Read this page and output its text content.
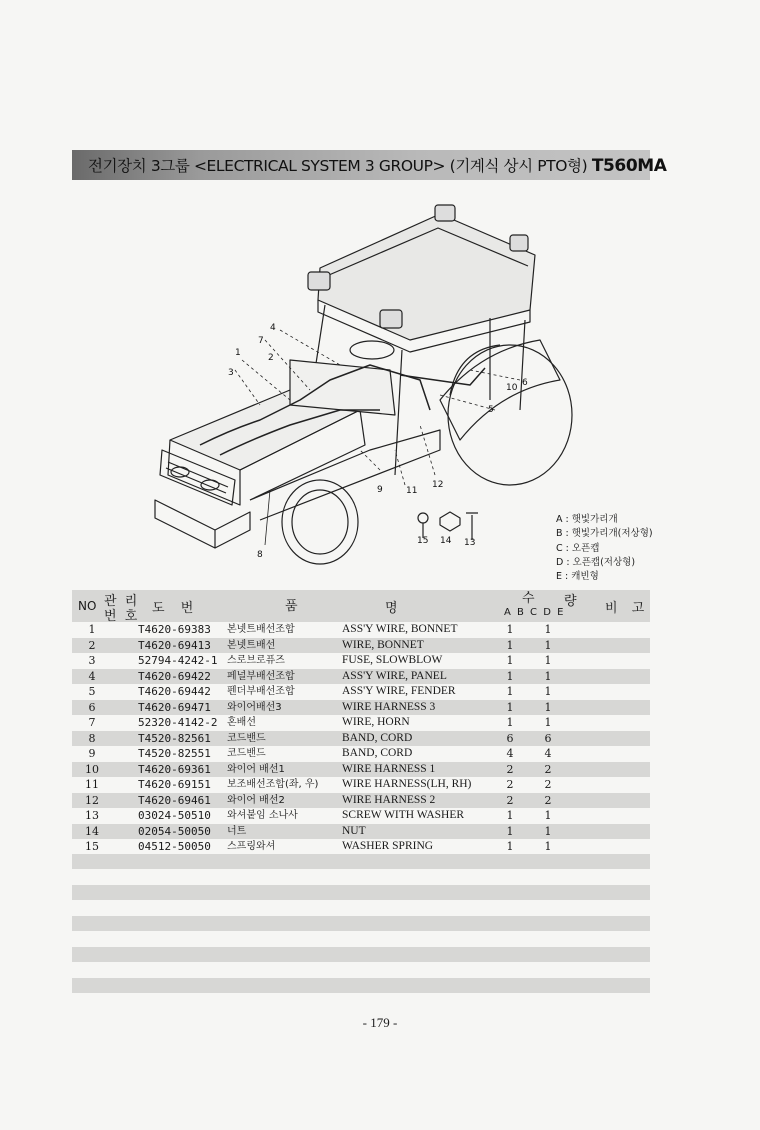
전기장치 3그룹 <ELECTRICAL SYSTEM 3 GROUP> (기계식 상시 PTO형) T560MA
1	2
3
4
5
6
7
8
9
10
11
12
13
14
15
A : 햇빛가리개
B : 햇빛가리개(저상형)
C : 오픈캡
D : 오픈캡(저상형)
E : 캐빈형
NO 관 리
번 호
도 번	품	명
수 량
A B C D E	비 고
1	T4620-69383 본넷트배선조합	ASS'Y WIRE, BONNET	1	1
2	T4620-69413 본넷트배선	WIRE, BONNET	1	1
3	52794-4242-1 스로브로퓨즈	FUSE, SLOWBLOW	1	1
4	T4620-69422 페널부배선조합	ASS'Y WIRE, PANEL	1	1
5	T4620-69442 펜더부배선조합	ASS'Y WIRE, FENDER	1	1
6	T4620-69471 와이어배선3	WIRE HARNESS 3	1	1
7	52320-4142-2 혼배선	WIRE, HORN	1	1
8	T4520-82561 코드밴드	BAND, CORD	6	6
9	T4520-82551 코드밴드	BAND, CORD	4	4
10	T4620-69361 와이어 배선1	WIRE HARNESS 1	2	2
11	T4620-69151 보조배선조합(좌, 우) WIRE HARNESS(LH, RH)	2	2
12	T4620-69461 와이어 배선2	WIRE HARNESS 2	2	2
13	03024-50510 와셔붙임 소나사	SCREW WITH WASHER	1	1
14	02054-50050 너트	NUT	1	1
15	04512-50050 스프링와셔	WASHER SPRING	1	1
- 179 -
